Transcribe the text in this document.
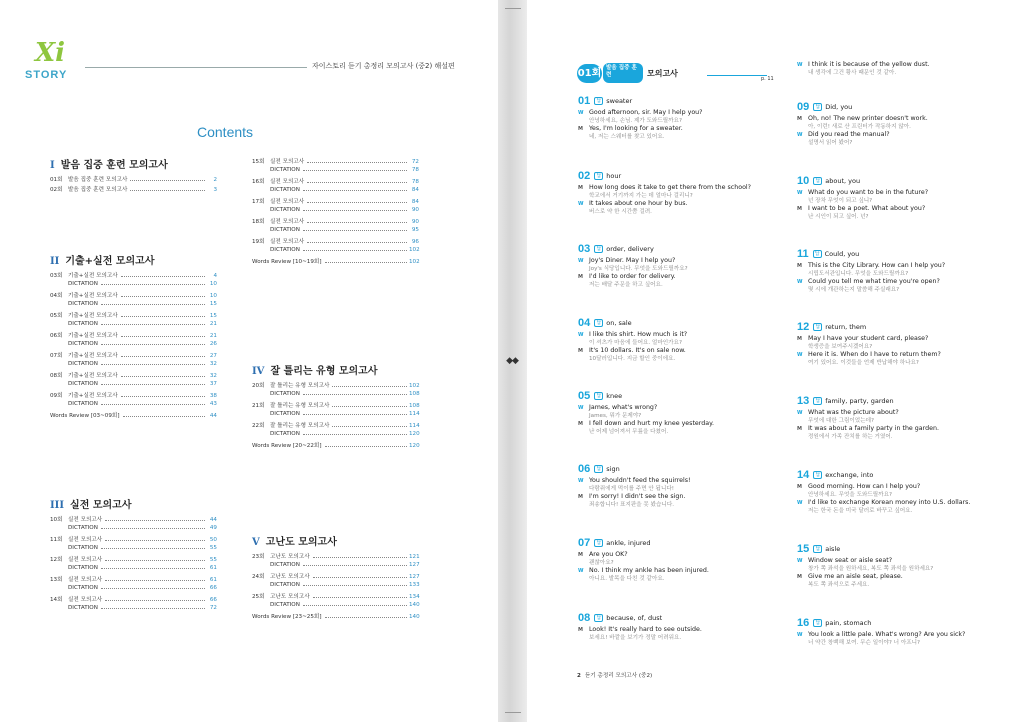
Xi
STORY
자이스토리 듣기 총정리 모의고사 (중2) 해설편
Contents
I 발음 집중 훈련 모의고사
01회 발음 집중 훈련 모의고사	2
02회 발음 집중 훈련 모의고사	3
II 기출+실전 모의고사
03회 기출+실전 모의고사	4
DICTATION	10
04회 기출+실전 모의고사	10
DICTATION	15
05회 기출+실전 모의고사	15
DICTATION	21
06회 기출+실전 모의고사	21
DICTATION	26
07회 기출+실전 모의고사	27
DICTATION	32
08회 기출+실전 모의고사	32
DICTATION	37
09회 기출+실전 모의고사	38
DICTATION	43
Words Review [03~09회]	44
III 실전 모의고사
10회 실전 모의고사	44
DICTATION	49
11회 실전 모의고사	50
DICTATION	55
12회 실전 모의고사	55
DICTATION	61
13회 실전 모의고사	61
DICTATION	66
14회 실전 모의고사	66
DICTATION	72
15회 실전 모의고사	72
DICTATION	78
16회 실전 모의고사	78
DICTATION	84
17회 실전 모의고사	84
DICTATION	90
18회 실전 모의고사	90
DICTATION	95
19회 실전 모의고사	96
DICTATION	102
Words Review [10~19회]	102
IV 잘 틀리는 유형 모의고사
20회 잘 틀리는 유형 모의고사	102
DICTATION	108
21회 잘 틀리는 유형 모의고사	108
DICTATION	114
22회 잘 틀리는 유형 모의고사	114
DICTATION	120
Words Review [20~22회]	120
V 고난도 모의고사
23회 고난도 모의고사	121
DICTATION	127
24회 고난도 모의고사	127
DICTATION	133
25회 고난도 모의고사	134
DICTATION	140
Words Review [23~25회]	140
◆◆
01회 발음 집중 훈련	모의고사
p. 11
01	답 sweater
W Good afternoon, sir. May I help you?
안녕하세요, 손님. 제가 도와드릴까요?
M Yes, I'm looking for a sweater.
네, 저는 스웨터를 찾고 있어요.
02	답 hour
M How long does it take to get there from the school?
학교에서 거기까지 가는 데 얼마나 걸리니?
W It takes about one hour by bus.
버스로 약 한 시간쯤 걸려.
03	답 order, delivery
W Joy's Diner. May I help you?
Joy's 식당입니다. 무엇을 도와드릴까요?
M I'd like to order for delivery.
저는 배달 주문을 하고 싶어요.
04	답 on, sale
W I like this shirt. How much is it?
이 셔츠가 마음에 들어요. 얼마인가요?
M It's 10 dollars. It's on sale now.
10달러입니다. 지금 할인 중이에요.
05	답 knee
W James, what's wrong?
James, 뭐가 문제야?
M I fell down and hurt my knee yesterday.
난 어제 넘어져서 무릎을 다쳤어.
06	답 sign
W You shouldn't feed the squirrels!
다람쥐에게 먹이를 주면 안 됩니다!
M I'm sorry! I didn't see the sign.
죄송합니다! 표지판을 못 봤습니다.
07	답 ankle, injured
M Are you OK?
괜찮아요?
W No. I think my ankle has been injured.
아니요. 발목을 다친 것 같아요.
08	답 because, of, dust
M Look! It's really hard to see outside.
보세요! 바깥을 보기가 정말 어려워요.
W I think it is because of the yellow dust.
내 생각에 그건 황사 때문인 것 같아.
09	답 Did, you
M Oh, no! The new printer doesn't work.
아, 이런! 새로 산 프린터가 작동하지 않아.
W Did you read the manual?
설명서 읽어 봤어?
10	답 about, you
W What do you want to be in the future?
넌 장차 무엇이 되고 싶니?
M I want to be a poet. What about you?
난 시인이 되고 싶어. 넌?
11	답 Could, you
M This is the City Library. How can I help you?
시립도서관입니다. 무엇을 도와드릴까요?
W Could you tell me what time you're open?
몇 시에 개관하는지 말씀해 주실래요?
12	답 return, them
M May I have your student card, please?
학생증을 보여주시겠어요?
W Here it is. When do I have to return them?
여기 있어요. 이것들을 언제 반납해야 하나요?
13	답 family, party, garden
W What was the picture about?
무엇에 대한 그림이었는데?
M It was about a family party in the garden.
정원에서 가족 잔치를 하는 거였어.
14	답 exchange, into
M Good morning. How can I help you?
안녕하세요. 무엇을 도와드릴까요?
W I'd like to exchange Korean money into U.S. dollars.
저는 한국 돈을 미국 달러로 바꾸고 싶어요.
15	답 aisle
W Window seat or aisle seat?
창가 쪽 좌석을 원하세요, 복도 쪽 좌석을 원하세요?
M Give me an aisle seat, please.
복도 쪽 좌석으로 주세요.
16	답 pain, stomach
W You look a little pale. What's wrong? Are you sick?
너 약간 창백해 보여. 무슨 일이야? 너 아프니?
2 듣기 총정리 모의고사 (중2)
